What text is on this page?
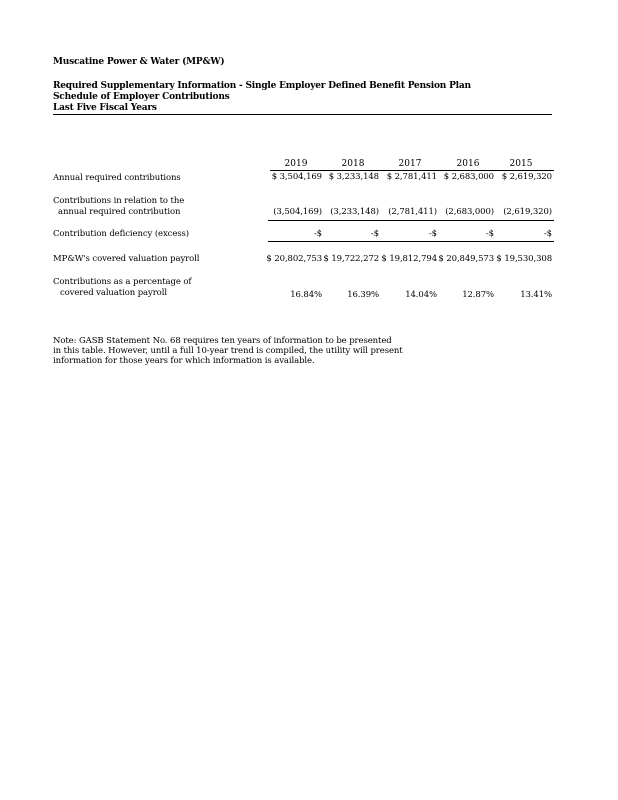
Muscatine Power & Water (MP&W)
Required Supplementary Information - Single Employer Defined Benefit Pension Plan
Schedule of Employer Contributions
Last Five Fiscal Years
2019	2018	2017	2016	2015
Annual required contributions	$ 3,504,169 $ 3,233,148 $ 2,781,411 $ 2,683,000 $ 2,619,320
Contributions in relation to the
annual required contribution	(3,504,169) (3,233,148) (2,781,411) (2,683,000) (2,619,320)
Contribution deficiency (excess)	-$	-$	-$	-$	-$
MP&W's covered valuation payroll	$ 20,802,753 $ 19,722,272 $ 19,812,794 $ 20,849,573 $ 19,530,308
Contributions as a percentage of
covered valuation payroll	16.84%	16.39%	14.04%	12.87%	13.41%
Note: GASB Statement No. 68 requires ten years of information to be presented
in this table. However, until a full 10-year trend is compiled, the utility will present
information for those years for which information is available.
